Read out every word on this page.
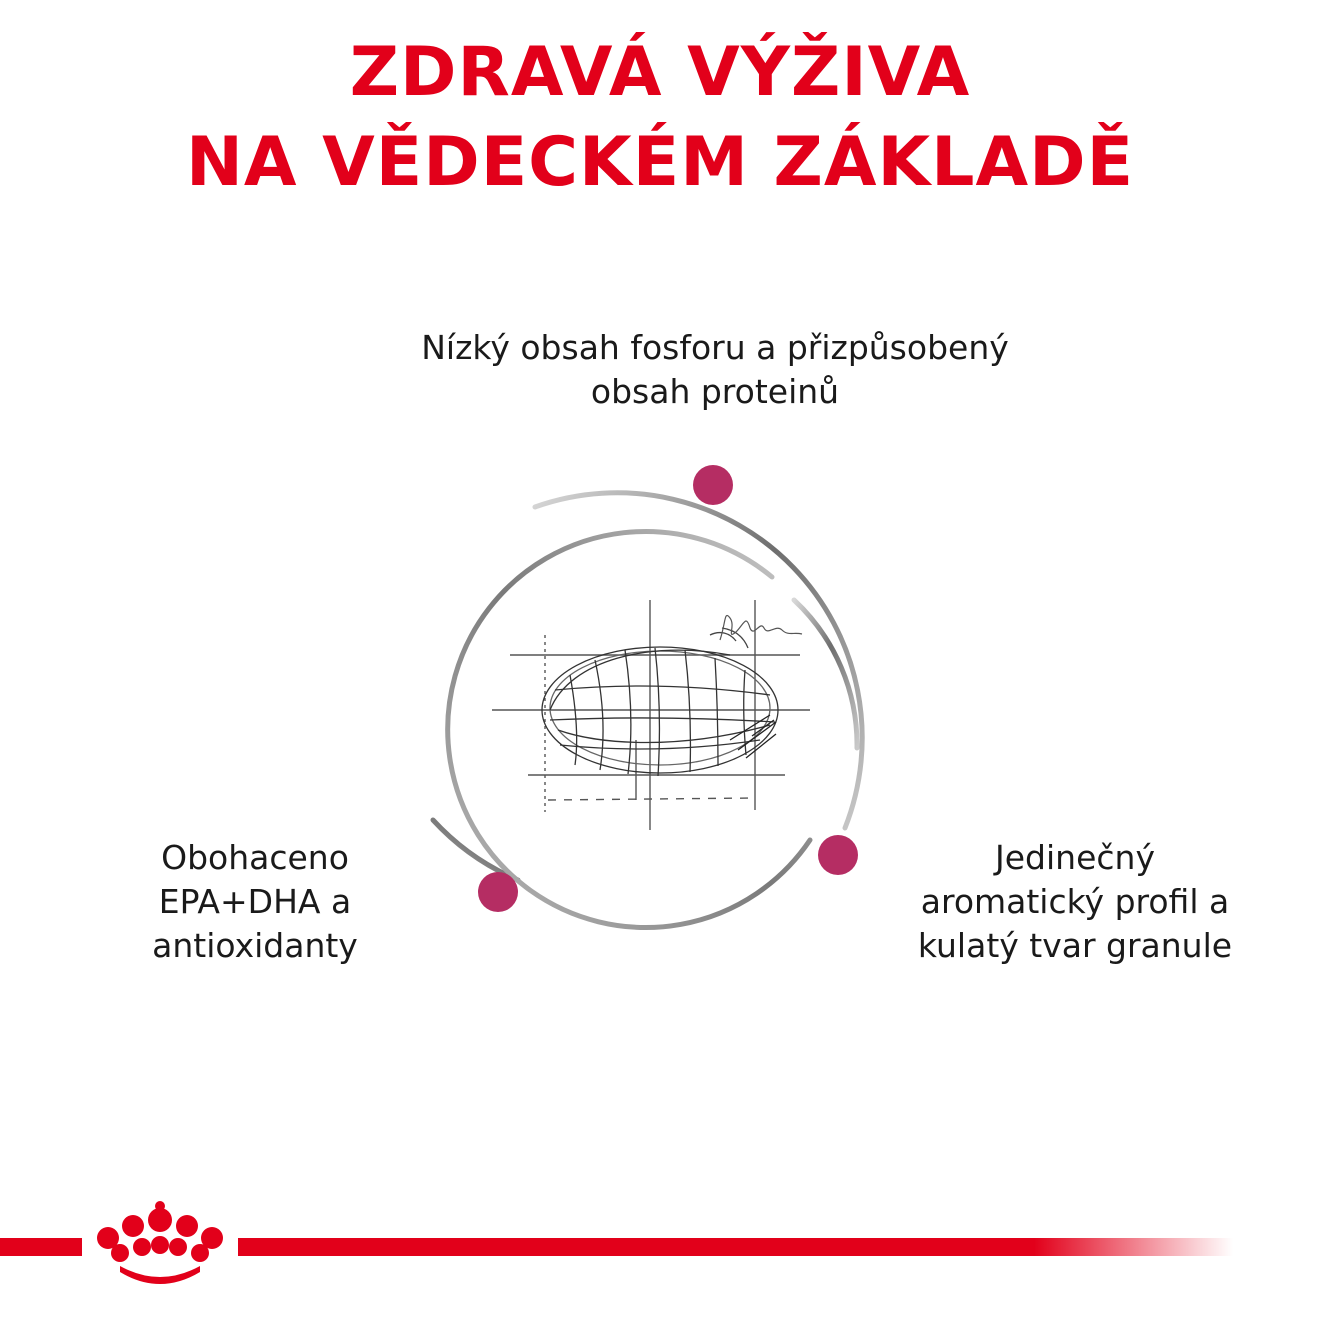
ZDRAVÁ VÝŽIVA
NA VĚDECKÉM ZÁKLADĚ
Nízký obsah fosforu a přizpůsobený
obsah proteinů
Obohaceno
EPA+DHA a
antioxidanty
Jedinečný
aromatický profil a
kulatý tvar granule
